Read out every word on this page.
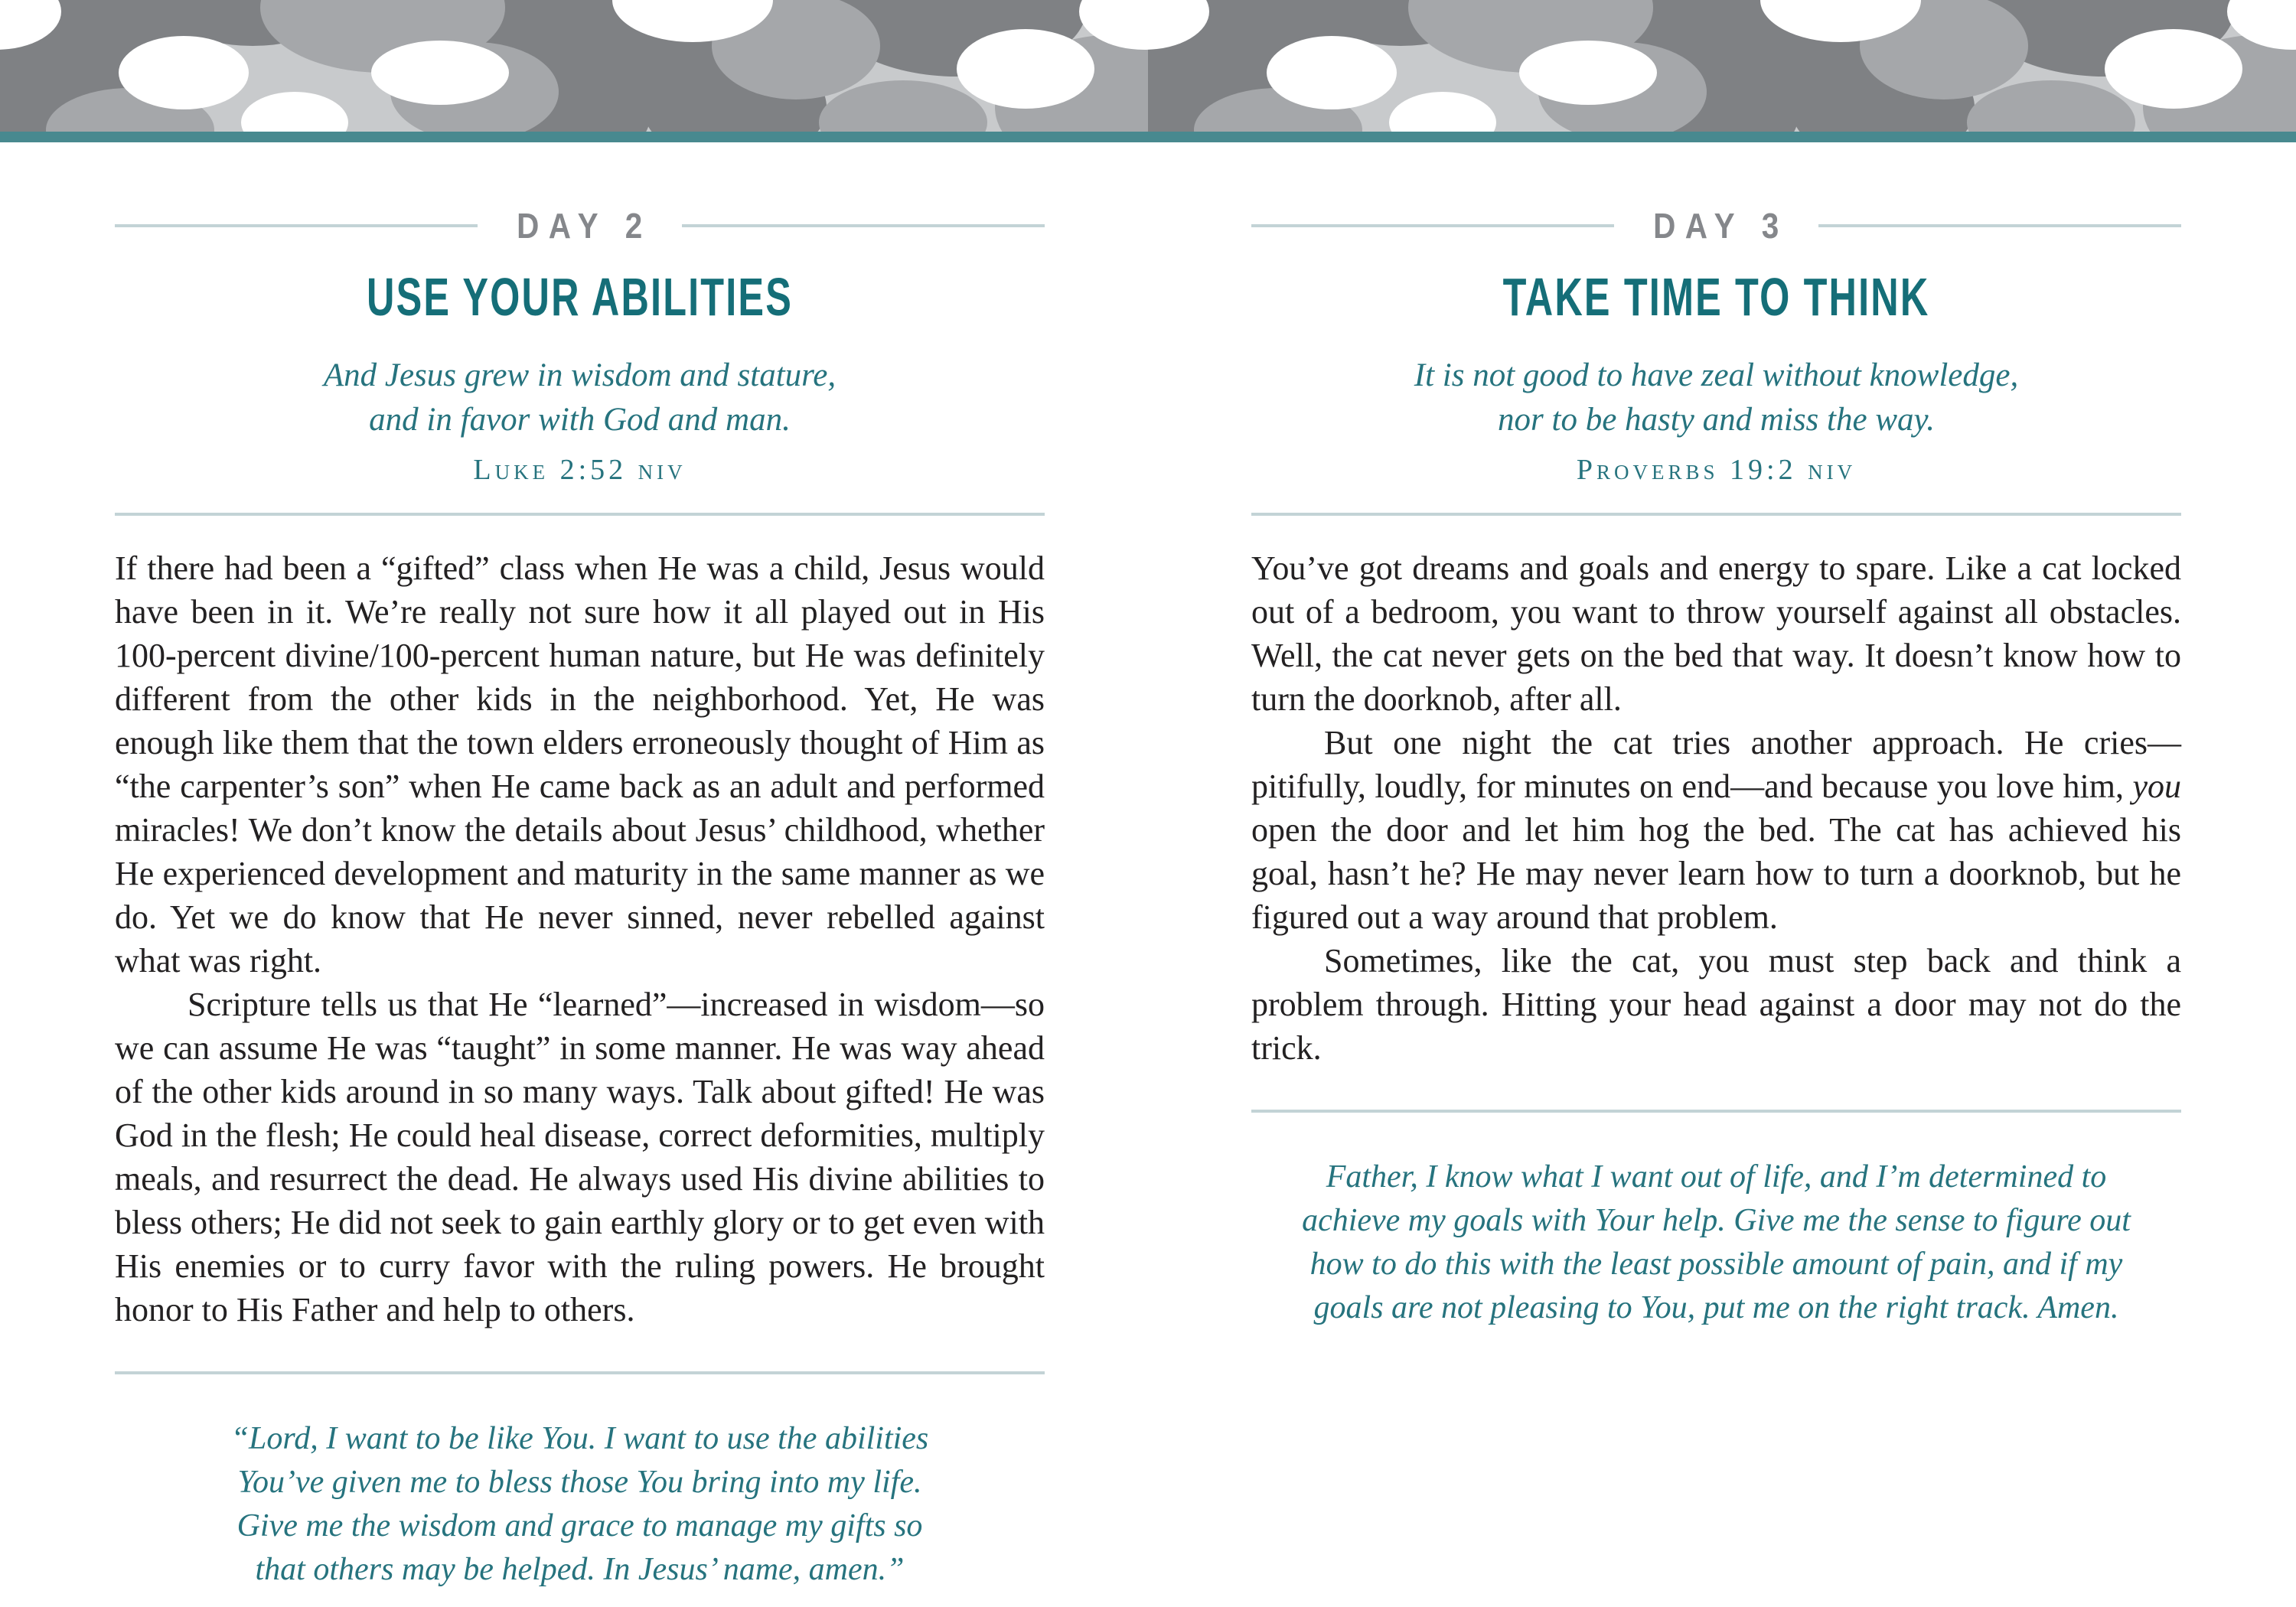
DAY 2
USE YOUR ABILITIES

And Jesus grew in wisdom and stature,

and in favor with God and man.

Luke 2:52 niv

If there had been a “gifted” class when He was a child, Jesus would have been in it. We’re really not sure how it all played out in His 100-percent divine/100-percent human nature, but He was definitely different from the other kids in the neighborhood. Yet, He was enough like them that the town elders erroneously thought of Him as “the carpenter’s son” when He came back as an adult and performed miracles! We don’t know the details about Jesus’ childhood, whether He experienced development and maturity in the same manner as we do. Yet we do know that He never sinned, never rebelled against what was right.

Scripture tells us that He “learned”—increased in wisdom—so we can assume He was “taught” in some manner. He was way ahead of the other kids around in so many ways. Talk about gifted! He was God in the flesh; He could heal disease, correct deformities, multiply meals, and resurrect the dead. He always used His divine abilities to bless others; He did not seek to gain earthly glory or to get even with His enemies or to curry favor with the ruling powers. He brought honor to His Father and help to others.

“Lord, I want to be like You. I want to use the abilities

You’ve given me to bless those You bring into my life.

Give me the wisdom and grace to manage my gifts so

that others may be helped. In Jesus’ name, amen.”

DAY 3
TAKE TIME TO THINK

It is not good to have zeal without knowledge,

nor to be hasty and miss the way.

Proverbs 19:2 niv

You’ve got dreams and goals and energy to spare. Like a cat locked out of a bedroom, you want to throw yourself against all obstacles. Well, the cat never gets on the bed that way. It doesn’t know how to turn the doorknob, after all.

But one night the cat tries another approach. He cries—pitifully, loudly, for minutes on end—and because you love him, you open the door and let him hog the bed. The cat has achieved his goal, hasn’t he? He may never learn how to turn a doorknob, but he figured out a way around that problem.

Sometimes, like the cat, you must step back and think a problem through. Hitting your head against a door may not do the trick.

Father, I know what I want out of life, and I’m determined to

achieve my goals with Your help. Give me the sense to figure out

how to do this with the least possible amount of pain, and if my

goals are not pleasing to You, put me on the right track. Amen.
